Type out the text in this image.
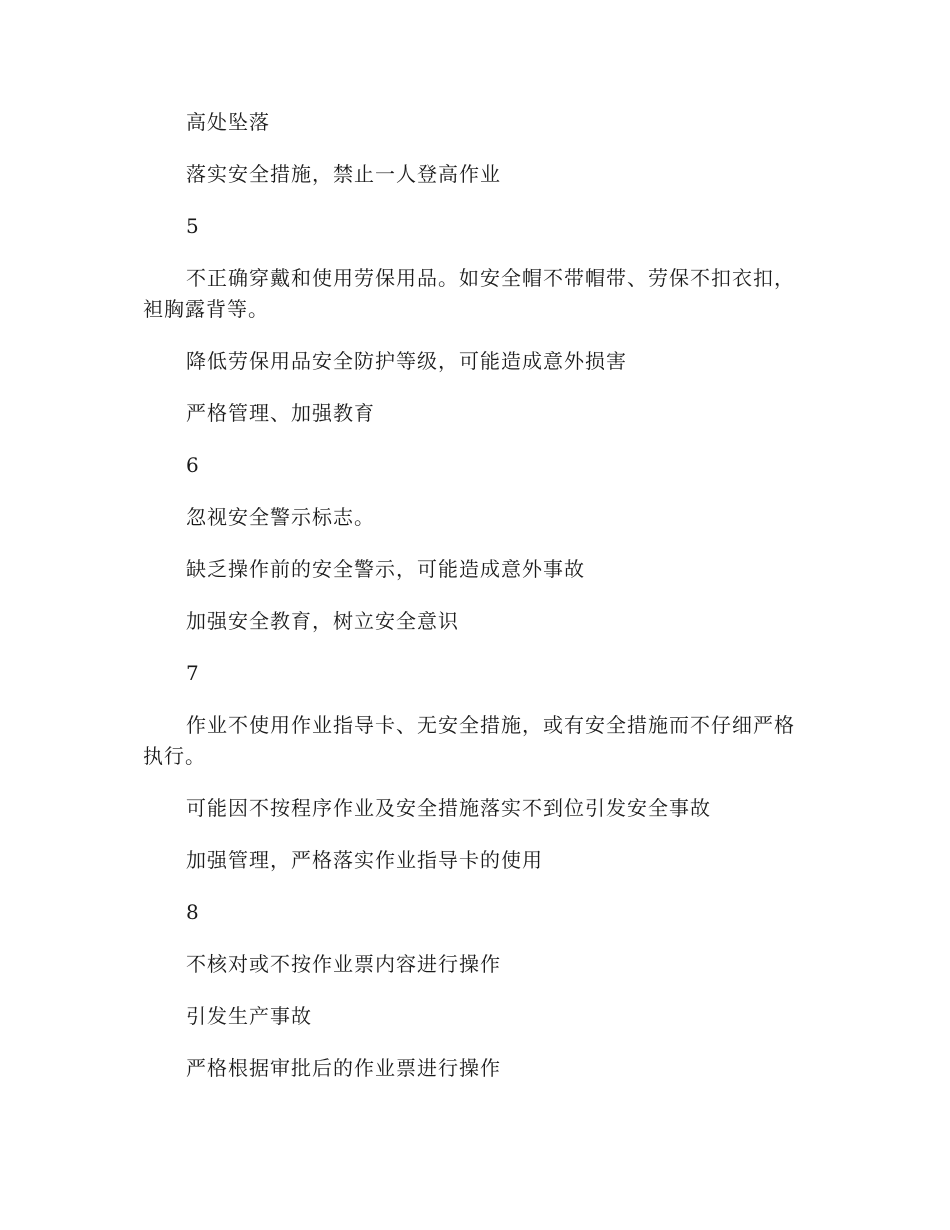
高处坠落

落实安全措施，禁止一人登高作业

5

不正确穿戴和使用劳保用品。如安全帽不带帽带、劳保不扣衣扣，袒胸露背等。

降低劳保用品安全防护等级，可能造成意外损害

严格管理、加强教育

6

忽视安全警示标志。

缺乏操作前的安全警示，可能造成意外事故

加强安全教育，树立安全意识

7

作业不使用作业指导卡、无安全措施，或有安全措施而不仔细严格执行。

可能因不按程序作业及安全措施落实不到位引发安全事故

加强管理，严格落实作业指导卡的使用

8

不核对或不按作业票内容进行操作

引发生产事故

严格根据审批后的作业票进行操作
